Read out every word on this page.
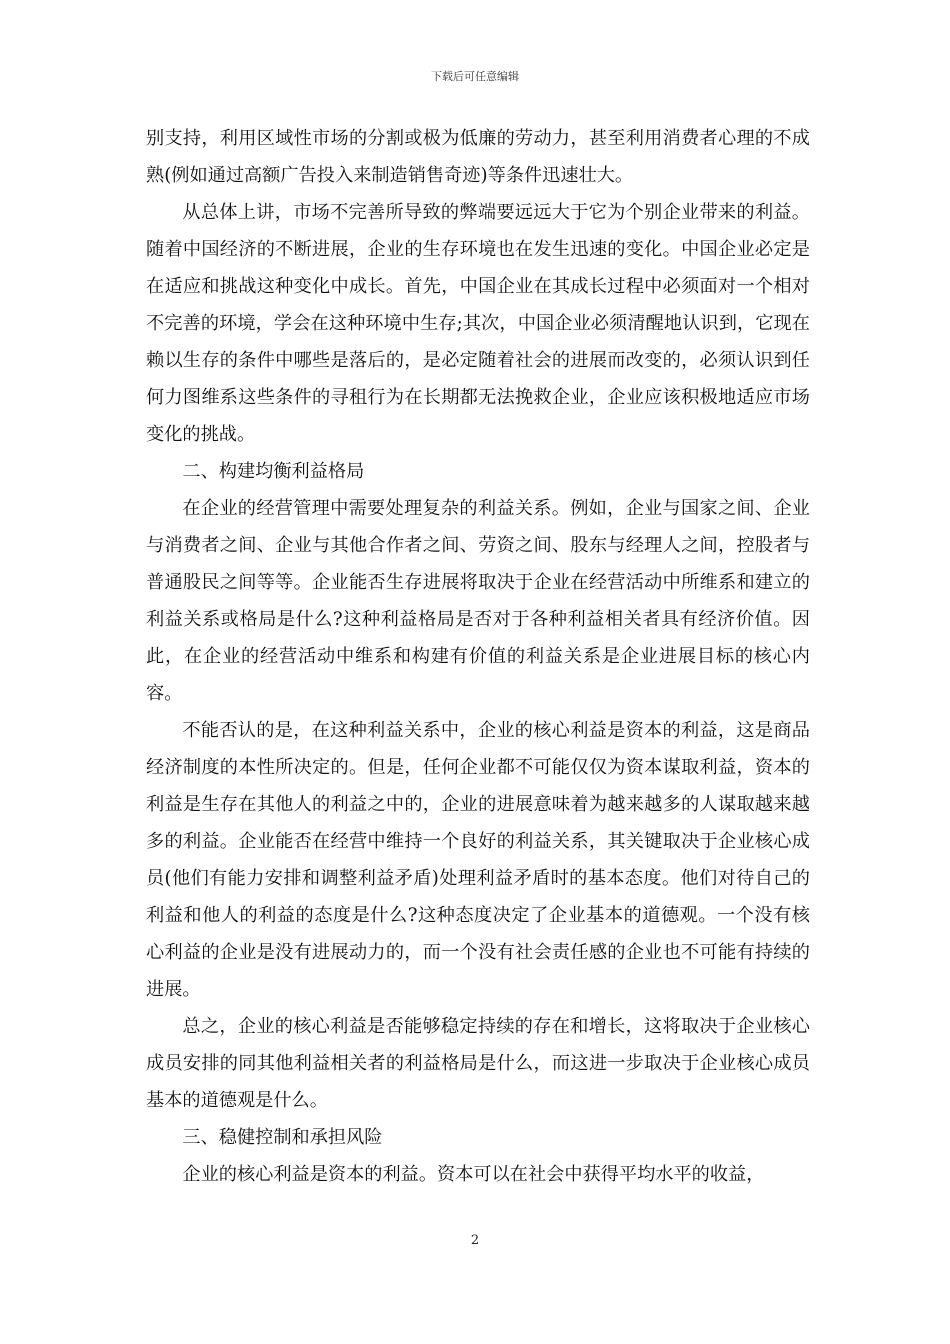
下载后可任意编辑

别支持，利用区域性市场的分割或极为低廉的劳动力，甚至利用消费者心理的不成熟(例如通过高额广告投入来制造销售奇迹)等条件迅速壮大。

从总体上讲，市场不完善所导致的弊端要远远大于它为个别企业带来的利益。随着中国经济的不断进展，企业的生存环境也在发生迅速的变化。中国企业必定是在适应和挑战这种变化中成长。首先，中国企业在其成长过程中必须面对一个相对不完善的环境，学会在这种环境中生存;其次，中国企业必须清醒地认识到，它现在赖以生存的条件中哪些是落后的，是必定随着社会的进展而改变的，必须认识到任何力图维系这些条件的寻租行为在长期都无法挽救企业，企业应该积极地适应市场变化的挑战。

二、构建均衡利益格局

在企业的经营管理中需要处理复杂的利益关系。例如，企业与国家之间、企业与消费者之间、企业与其他合作者之间、劳资之间、股东与经理人之间，控股者与普通股民之间等等。企业能否生存进展将取决于企业在经营活动中所维系和建立的利益关系或格局是什么?这种利益格局是否对于各种利益相关者具有经济价值。因此，在企业的经营活动中维系和构建有价值的利益关系是企业进展目标的核心内容。

不能否认的是，在这种利益关系中，企业的核心利益是资本的利益，这是商品经济制度的本性所决定的。但是，任何企业都不可能仅仅为资本谋取利益，资本的利益是生存在其他人的利益之中的，企业的进展意味着为越来越多的人谋取越来越多的利益。企业能否在经营中维持一个良好的利益关系，其关键取决于企业核心成员(他们有能力安排和调整利益矛盾)处理利益矛盾时的基本态度。他们对待自己的利益和他人的利益的态度是什么?这种态度决定了企业基本的道德观。一个没有核心利益的企业是没有进展动力的，而一个没有社会责任感的企业也不可能有持续的进展。

总之，企业的核心利益是否能够稳定持续的存在和增长，这将取决于企业核心成员安排的同其他利益相关者的利益格局是什么，而这进一步取决于企业核心成员基本的道德观是什么。

三、稳健控制和承担风险

企业的核心利益是资本的利益。资本可以在社会中获得平均水平的收益，

2
